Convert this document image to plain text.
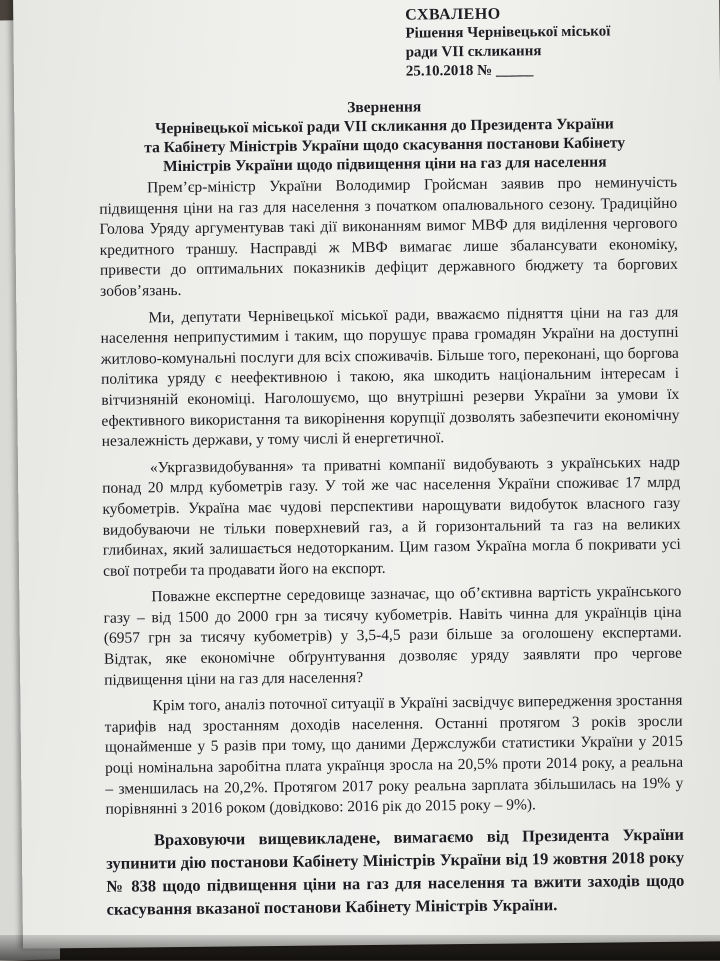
СХВАЛЕНО
Рішення Чернівецької міської
ради VII скликання
25.10.2018 № _____
Звернення
Чернівецької міської ради VII скликання до Президента України
та Кабінету Міністрів України щодо скасування постанови Кабінету
Міністрів України щодо підвищення ціни на газ для населення

Прем’єр-міністр України Володимир Гройсман заявив про неминучість підвищення ціни на газ для населення з початком опалювального сезону. Традиційно Голова Уряду аргументував такі дії виконанням вимог МВФ для виділення чергового кредитного траншу. Насправді ж МВФ вимагає лише збалансувати економіку, привести до оптимальних показників дефіцит державного бюджету та боргових зобов’язань.

Ми, депутати Чернівецької міської ради, вважаємо підняття ціни на газ для населення неприпустимим і таким, що порушує права громадян України на доступні житлово-комунальні послуги для всіх споживачів. Більше того, переконані, що боргова політика уряду є неефективною і такою, яка шкодить національним інтересам і вітчизняній економіці. Наголошуємо, що внутрішні резерви України за умови їх ефективного використання та викорінення корупції дозволять забезпечити економічну незалежність держави, у тому числі й енергетичної.

«Укргазвидобування» та приватні компанії видобувають з українських надр понад 20 млрд кубометрів газу. У той же час населення України споживає 17 млрд кубометрів. Україна має чудові перспективи нарощувати видобуток власного газу видобуваючи не тільки поверхневий газ, а й горизонтальний та газ на великих глибинах, який залишається недоторканим. Цим газом Україна могла б покривати усі свої потреби та продавати його на експорт.

Поважне експертне середовище зазначає, що об’єктивна вартість українського газу – від 1500 до 2000 грн за тисячу кубометрів. Навіть чинна для українців ціна (6957 грн за тисячу кубометрів) у 3,5-4,5 рази більше за оголошену експертами. Відтак, яке економічне обґрунтування дозволяє уряду заявляти про чергове підвищення ціни на газ для населення?

Крім того, аналіз поточної ситуації в Україні засвідчує випередження зростання тарифів над зростанням доходів населення. Останні протягом 3 років зросли щонайменше у 5 разів при тому, що даними Держслужби статистики України у 2015 році номінальна заробітна плата українця зросла на 20,5% проти 2014 року, а реальна – зменшилась на 20,2%. Протягом 2017 року реальна зарплата збільшилась на 19% у порівнянні з 2016 роком (довідково: 2016 рік до 2015 року – 9%).

Враховуючи вищевикладене, вимагаємо від Президента України зупинити дію постанови Кабінету Міністрів України від 19 жовтня 2018 року № 838 щодо підвищення ціни на газ для населення та вжити заходів щодо скасування вказаної постанови Кабінету Міністрів України.
